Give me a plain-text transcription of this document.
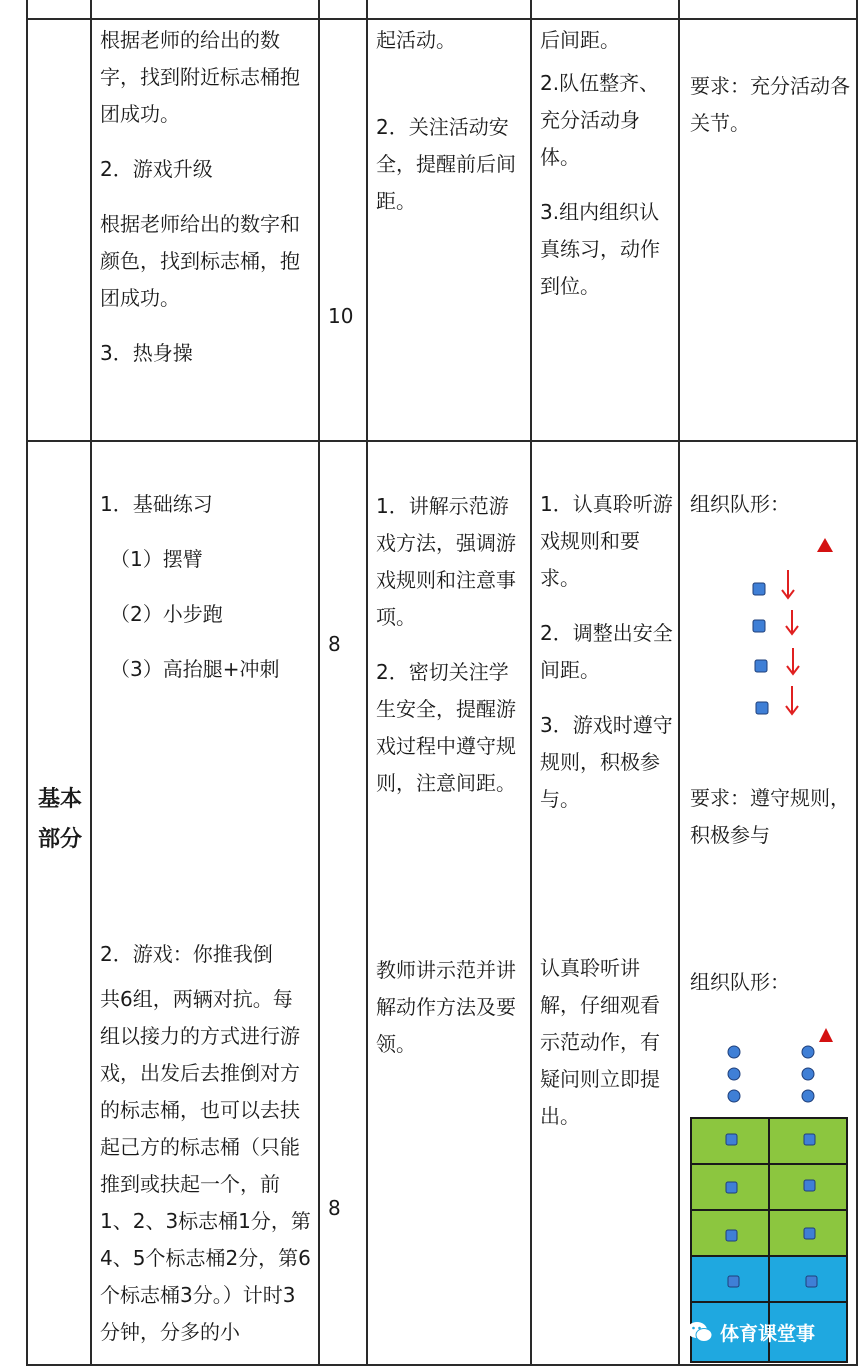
根据老师的给出的数字，找到附近标志桶抱团成功。

2．游戏升级

根据老师给出的数字和颜色，找到标志桶，抱团成功。

3．热身操

10

起活动。

2．关注活动安全，提醒前后间距。

后间距。

2.队伍整齐、充分活动身体。

3.组内组织认真练习，动作到位。

要求：充分活动各关节。

基本部分

1．基础练习

（1）摆臂

（2）小步跑

（3）高抬腿+冲刺

2．游戏：你推我倒

共6组，两辆对抗。每组以接力的方式进行游戏，出发后去推倒对方的标志桶，也可以去扶起己方的标志桶（只能推到或扶起一个，前1、2、3标志桶1分，第4、5个标志桶2分，第6个标志桶3分。）计时3分钟，分多的小

8
8

1．讲解示范游戏方法，强调游戏规则和注意事项。

2．密切关注学生安全，提醒游戏过程中遵守规则，注意间距。

教师讲示范并讲解动作方法及要领。

1．认真聆听游戏规则和要求。

2．调整出安全间距。

3．游戏时遵守规则，积极参与。

认真聆听讲解，仔细观看示范动作，有疑问则立即提出。

组织队形：

要求：遵守规则，积极参与

组织队形：

体育课堂事
